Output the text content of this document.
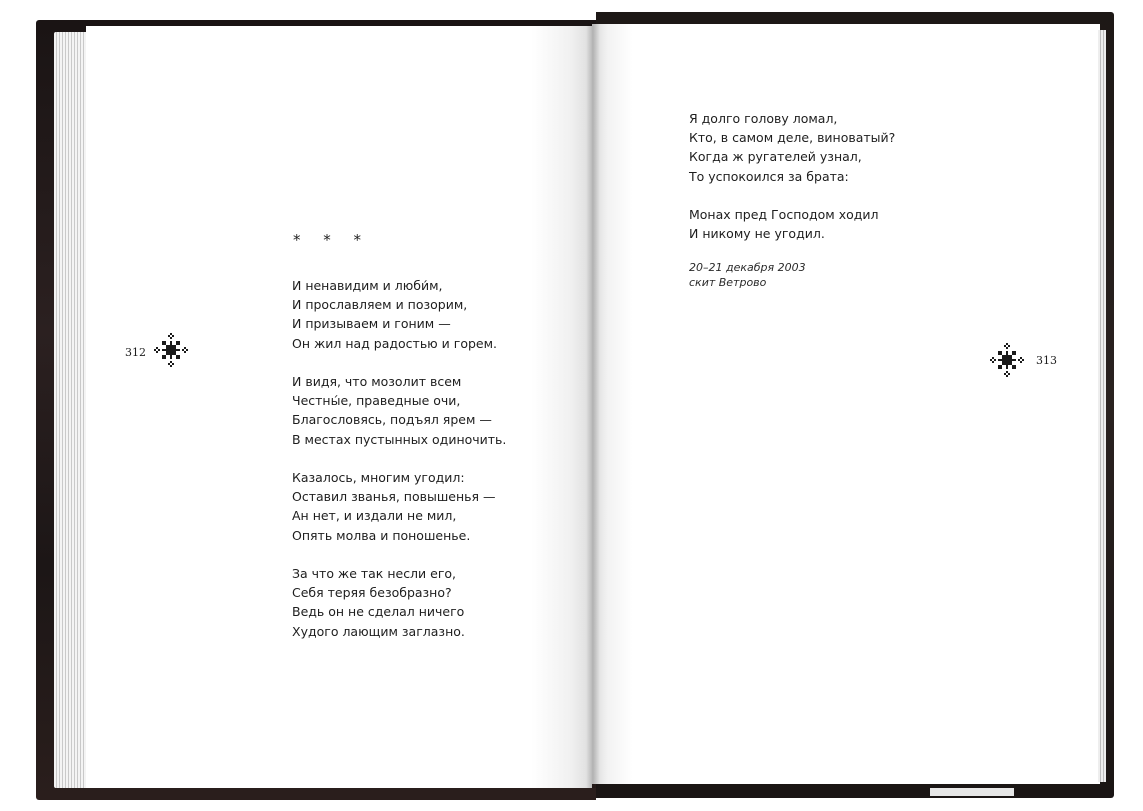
* * *
И ненавидим и люби́м,
И прославляем и позорим,
И призываем и гоним —
Он жил над радостью и горем.
И видя, что мозолит всем
Честны́е, праведные очи,
Благословясь, подъял ярем —
В местах пустынных одиночить.
Казалось, многим угодил:
Оставил званья, повышенья —
Ан нет, и издали не мил,
Опять молва и поношенье.
За что же так несли его,
Себя теряя безобразно?
Ведь он не сделал ничего
Худого лающим заглазно.
312
Я долго голову ломал,
Кто, в самом деле, виноватый?
Когда ж ругателей узнал,
То успокоился за брата:
Монах пред Господом ходил
И никому не угодил.
20–21 декабря 2003
скит Ветрово
313
